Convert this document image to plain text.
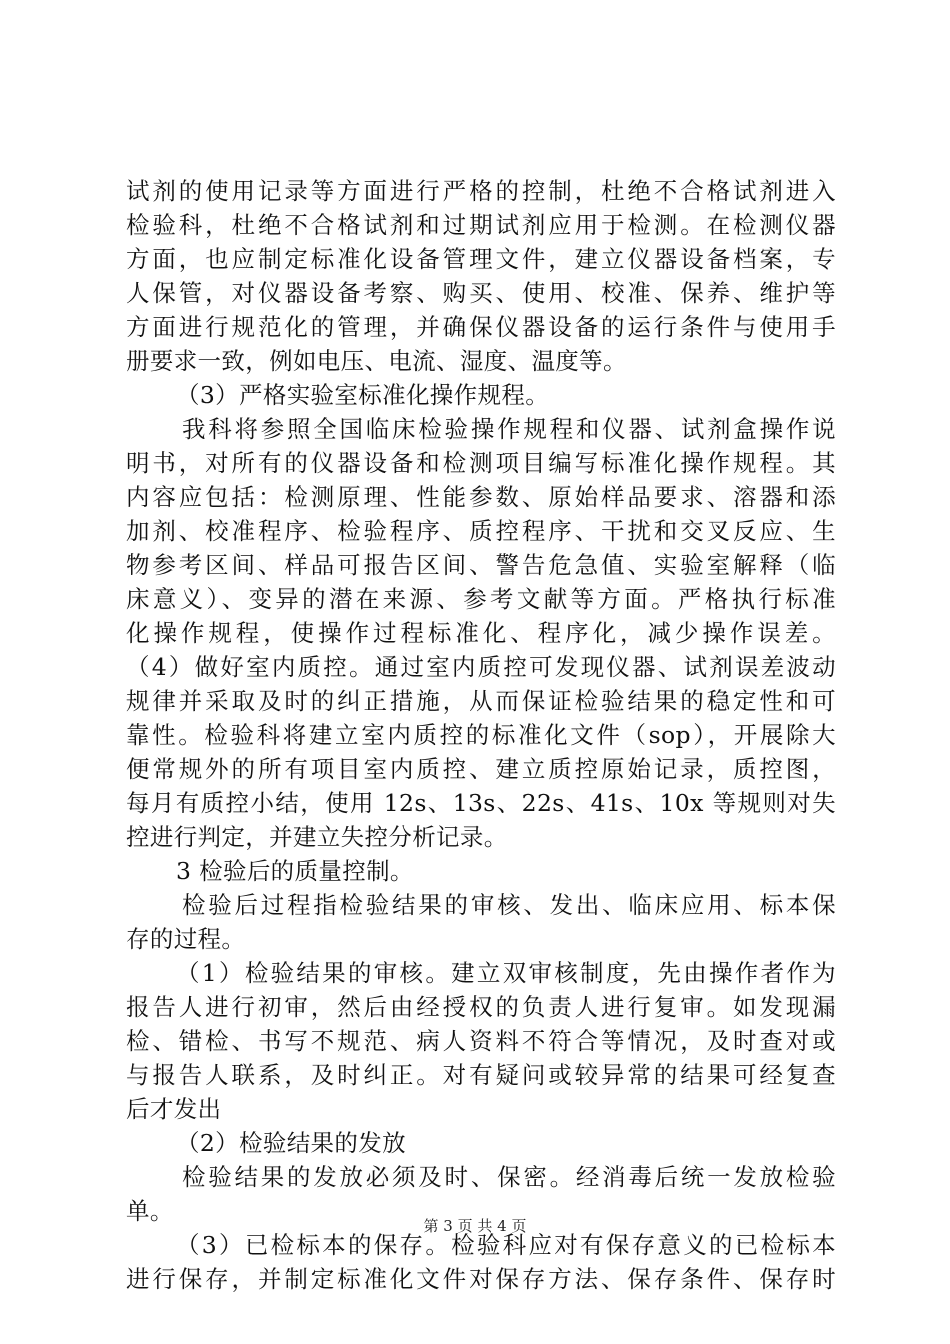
试剂的使用记录等方面进行严格的控制，杜绝不合格试剂进入
检验科，杜绝不合格试剂和过期试剂应用于检测。在检测仪器
方面，也应制定标准化设备管理文件，建立仪器设备档案，专
人保管，对仪器设备考察、购买、使用、校准、保养、维护等
方面进行规范化的管理，并确保仪器设备的运行条件与使用手
册要求一致，例如电压、电流、湿度、温度等。
（3）严格实验室标准化操作规程。
我科将参照全国临床检验操作规程和仪器、试剂盒操作说
明书，对所有的仪器设备和检测项目编写标准化操作规程。其
内容应包括：检测原理、性能参数、原始样品要求、溶器和添
加剂、校准程序、检验程序、质控程序、干扰和交叉反应、生
物参考区间、样品可报告区间、警告危急值、实验室解释（临
床意义）、变异的潜在来源、参考文献等方面。严格执行标准
化操作规程，使操作过程标准化、程序化，减少操作误差。
（4）做好室内质控。通过室内质控可发现仪器、试剂误差波动
规律并采取及时的纠正措施，从而保证检验结果的稳定性和可
靠性。检验科将建立室内质控的标准化文件（sop），开展除大
便常规外的所有项目室内质控、建立质控原始记录，质控图，
每月有质控小结，使用 12s、13s、22s、41s、10x 等规则对失
控进行判定，并建立失控分析记录。
3 检验后的质量控制。
检验后过程指检验结果的审核、发出、临床应用、标本保
存的过程。
（1）检验结果的审核。建立双审核制度，先由操作者作为
报告人进行初审，然后由经授权的负责人进行复审。如发现漏
检、错检、书写不规范、病人资料不符合等情况，及时查对或
与报告人联系，及时纠正。对有疑问或较异常的结果可经复查
后才发出
（2）检验结果的发放
检验结果的发放必须及时、保密。经消毒后统一发放检验
单。
（3）已检标本的保存。检验科应对有保存意义的已检标本
进行保存，并制定标准化文件对保存方法、保存条件、保存时
第 3 页 共 4 页
